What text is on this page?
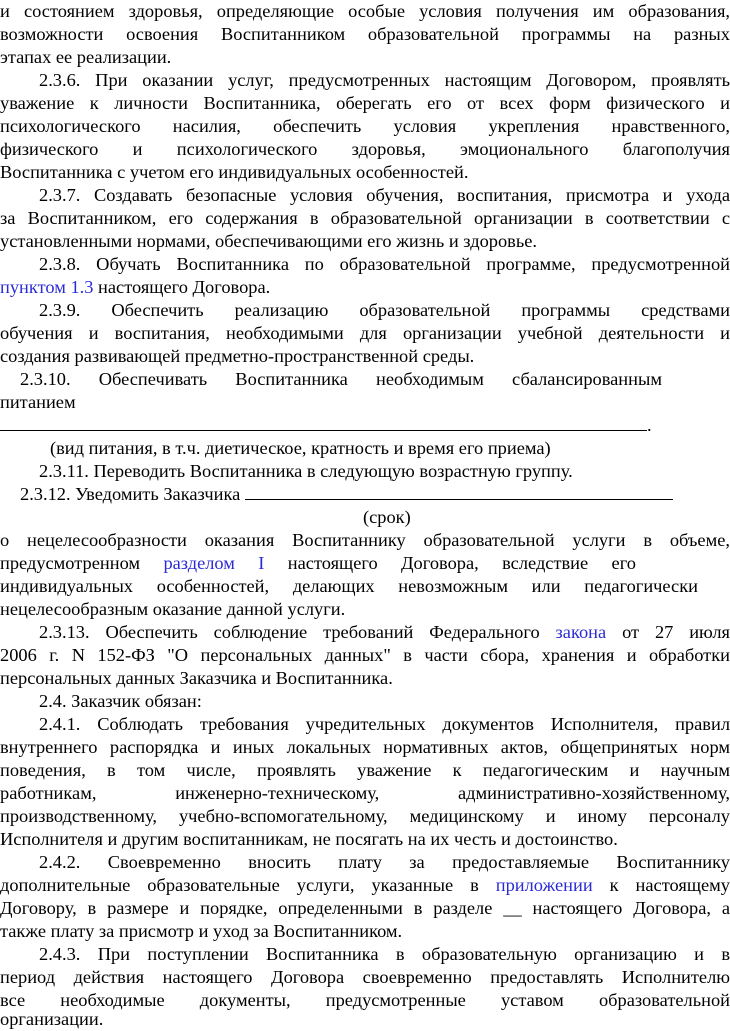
и состоянием здоровья, определяющие особые условия получения им образования,
возможности освоения Воспитанником образовательной программы на разных
этапах ее реализации.
2.3.6. При оказании услуг, предусмотренных настоящим Договором, проявлять
уважение к личности Воспитанника, оберегать его от всех форм физического и
психологического насилия, обеспечить условия укрепления нравственного,
физического и психологического здоровья, эмоционального благополучия
Воспитанника с учетом его индивидуальных особенностей.
2.3.7. Создавать безопасные условия обучения, воспитания, присмотра и ухода
за Воспитанником, его содержания в образовательной организации в соответствии с
установленными нормами, обеспечивающими его жизнь и здоровье.
2.3.8. Обучать Воспитанника по образовательной программе, предусмотренной
пунктом 1.3 настоящего Договора.
2.3.9. Обеспечить реализацию образовательной программы средствами
обучения и воспитания, необходимыми для организации учебной деятельности и
создания развивающей предметно-пространственной среды.
2.3.10. Обеспечивать Воспитанника необходимым сбалансированным
питанием
.
(вид питания, в т.ч. диетическое, кратность и время его приема)
2.3.11. Переводить Воспитанника в следующую возрастную группу.
2.3.12. Уведомить Заказчика
(срок)
о нецелесообразности оказания Воспитаннику образовательной услуги в объеме,
предусмотренном разделом I настоящего Договора, вследствие его
индивидуальных особенностей, делающих невозможным или педагогически
нецелесообразным оказание данной услуги.
2.3.13. Обеспечить соблюдение требований Федерального закона от 27 июля
2006 г. N 152-ФЗ "О персональных данных" в части сбора, хранения и обработки
персональных данных Заказчика и Воспитанника.
2.4. Заказчик обязан:
2.4.1. Соблюдать требования учредительных документов Исполнителя, правил
внутреннего распорядка и иных локальных нормативных актов, общепринятых норм
поведения, в том числе, проявлять уважение к педагогическим и научным
работникам, инженерно-техническому, административно-хозяйственному,
производственному, учебно-вспомогательному, медицинскому и иному персоналу
Исполнителя и другим воспитанникам, не посягать на их честь и достоинство.
2.4.2. Своевременно вносить плату за предоставляемые Воспитаннику
дополнительные образовательные услуги, указанные в приложении к настоящему
Договору, в размере и порядке, определенными в разделе __ настоящего Договора, а
также плату за присмотр и уход за Воспитанником.
2.4.3. При поступлении Воспитанника в образовательную организацию и в
период действия настоящего Договора своевременно предоставлять Исполнителю
все необходимые документы, предусмотренные уставом образовательной
организации.
